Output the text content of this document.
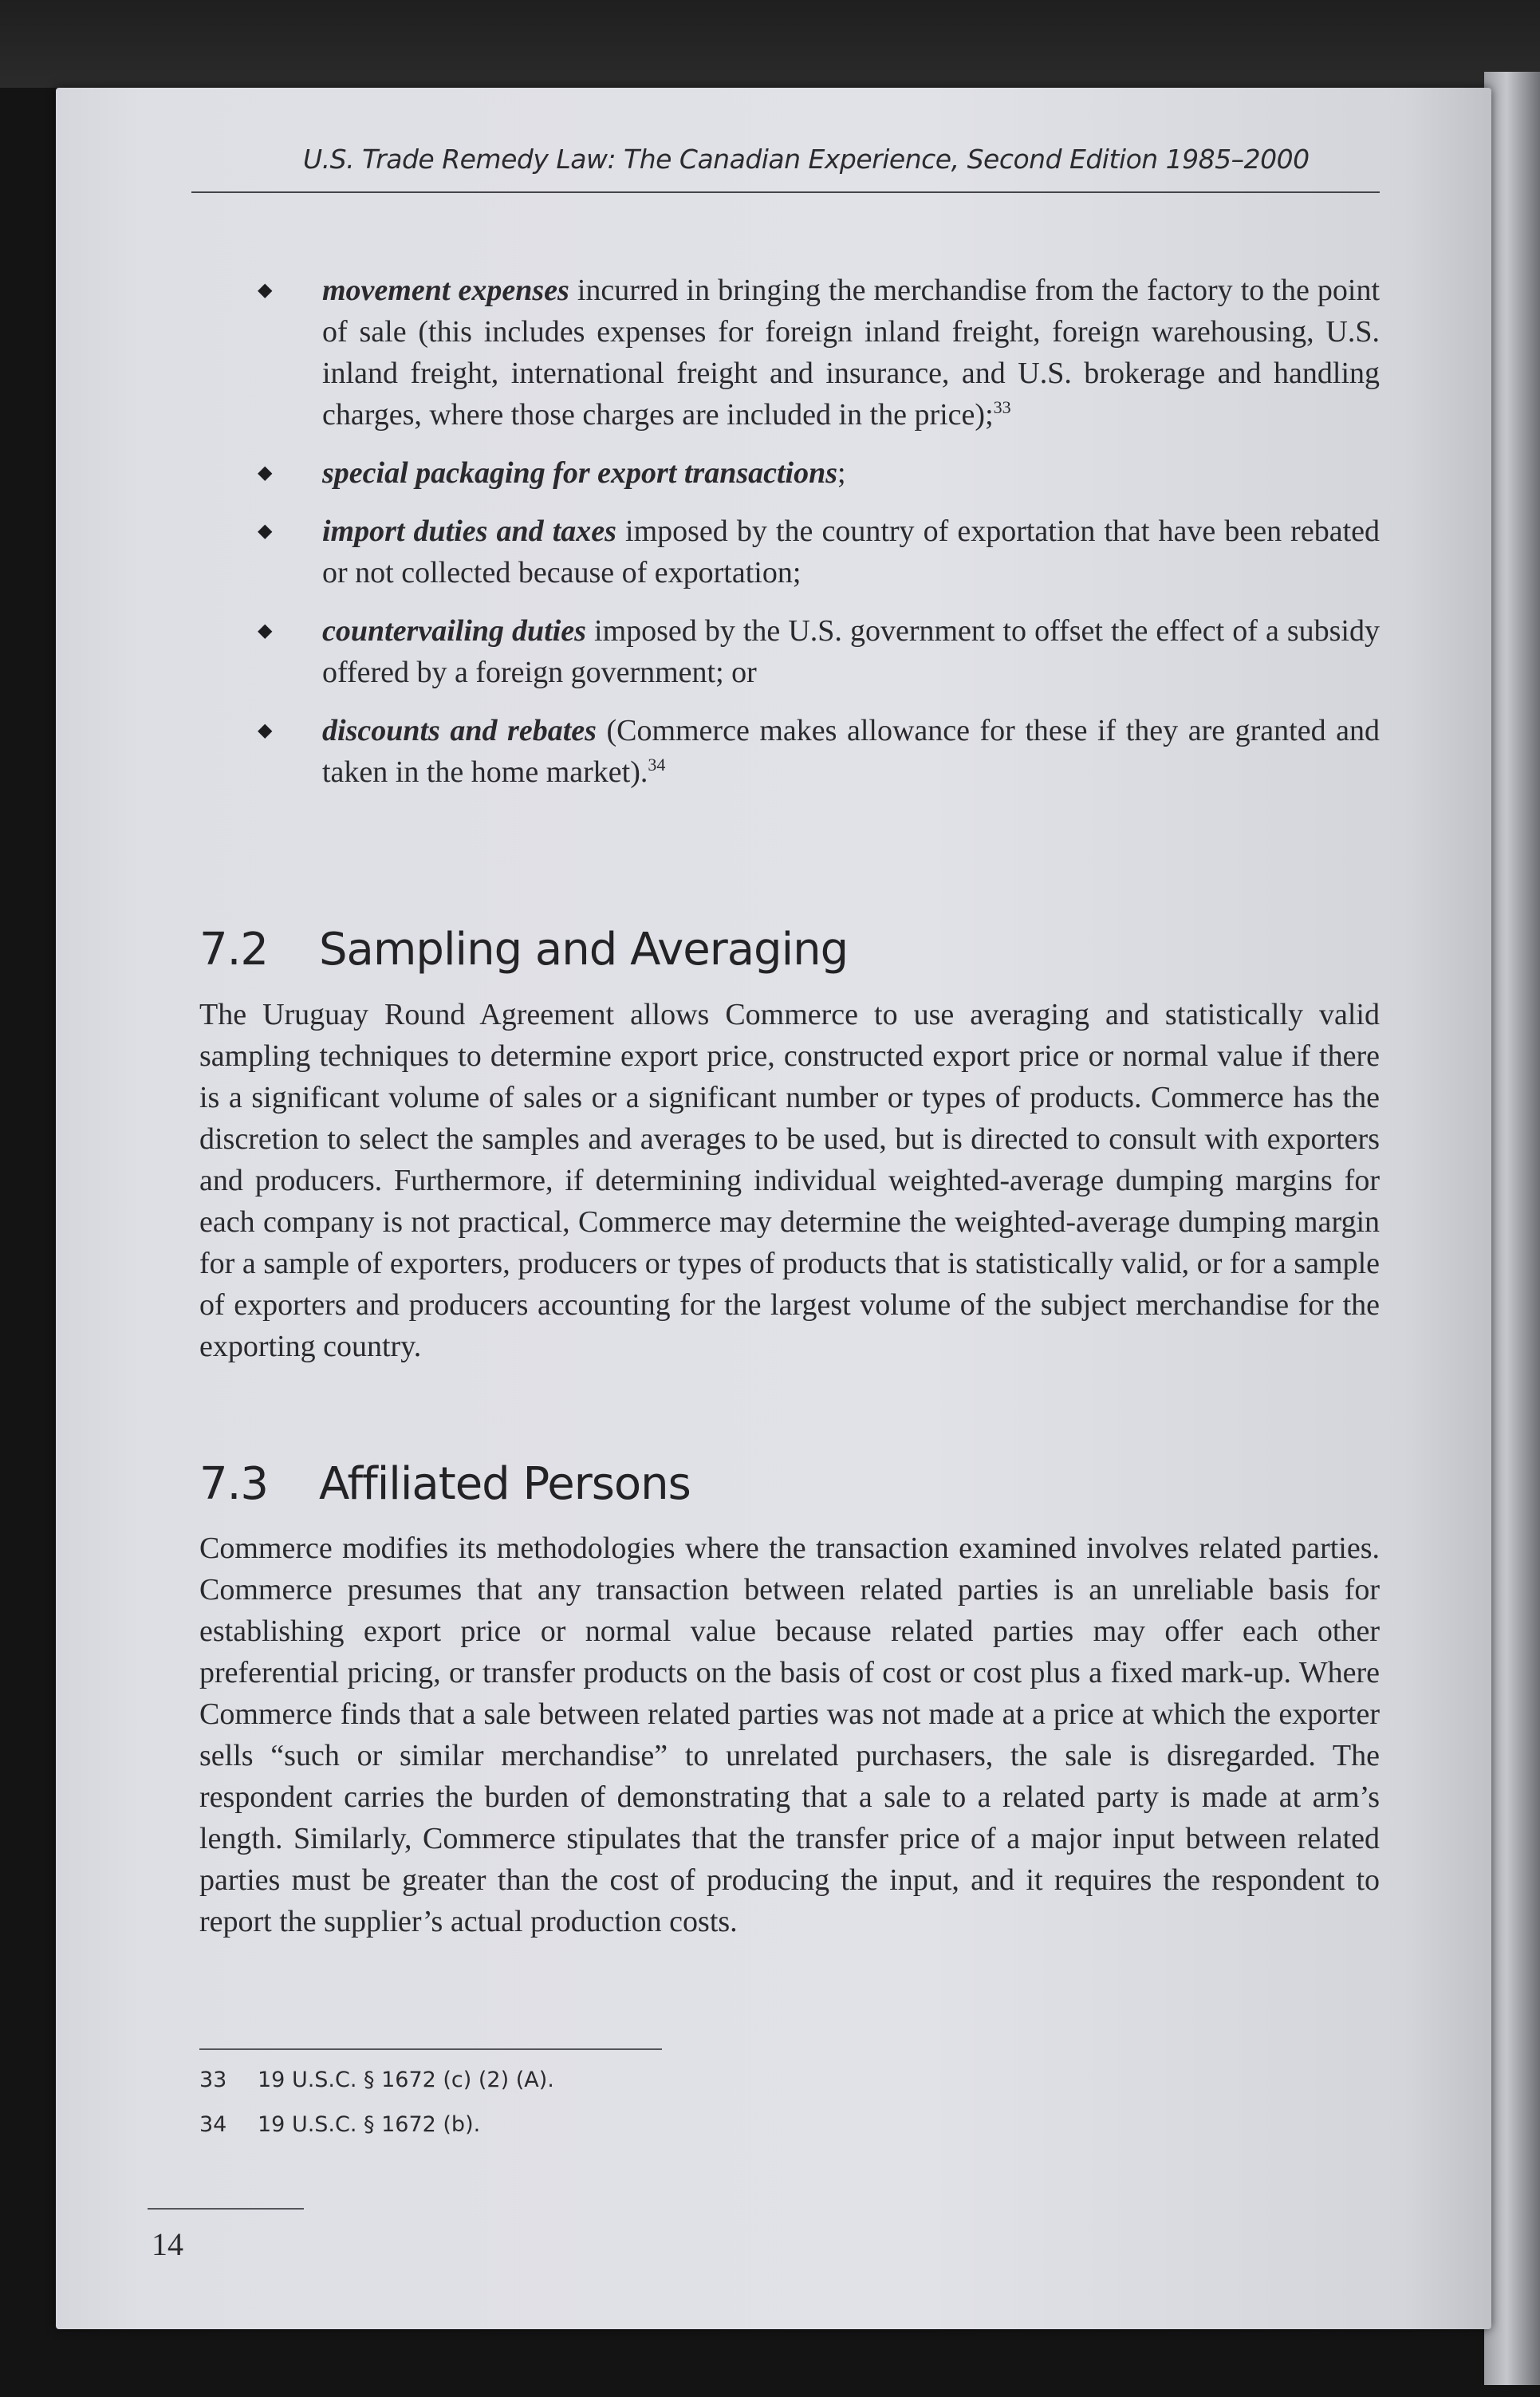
U.S. Trade Remedy Law: The Canadian Experience, Second Edition 1985–2000
◆ movement expenses incurred in bringing the merchandise from the factory to the point of sale (this includes expenses for foreign inland freight, foreign warehousing, U.S. inland freight, international freight and insurance, and U.S. brokerage and handling charges, where those charges are included in the price);$^{33}$
◆ special packaging for export transactions;
◆ import duties and taxes imposed by the country of exportation that have been rebated or not collected because of exportation;
◆ countervailing duties imposed by the U.S. government to offset the effect of a subsidy offered by a foreign government; or
◆ discounts and rebates (Commerce makes allowance for these if they are granted and taken in the home market).$^{34}$
7.2 Sampling and Averaging
The Uruguay Round Agreement allows Commerce to use averaging and statistically valid sampling techniques to determine export price, constructed export price or normal value if there is a significant volume of sales or a significant number or types of products. Commerce has the discretion to select the samples and averages to be used, but is directed to consult with exporters and producers. Furthermore, if determining individual weighted-average dumping margins for each company is not practical, Commerce may determine the weighted-average dumping margin for a sample of exporters, producers or types of products that is statistically valid, or for a sample of exporters and producers accounting for the largest volume of the subject merchandise for the exporting country.
7.3 Affiliated Persons
Commerce modifies its methodologies where the transaction examined involves related parties. Commerce presumes that any transaction between related parties is an unreliable basis for establishing export price or normal value because related parties may offer each other preferential pricing, or transfer products on the basis of cost or cost plus a fixed mark-up. Where Commerce finds that a sale between related parties was not made at a price at which the exporter sells “such or similar merchandise” to unrelated purchasers, the sale is disregarded. The respondent carries the burden of demonstrating that a sale to a related party is made at arm’s length. Similarly, Commerce stipulates that the transfer price of a major input between related parties must be greater than the cost of producing the input, and it requires the respondent to report the supplier’s actual production costs.
33 19 U.S.C. § 1672 (c) (2) (A).
34 19 U.S.C. § 1672 (b).
14
